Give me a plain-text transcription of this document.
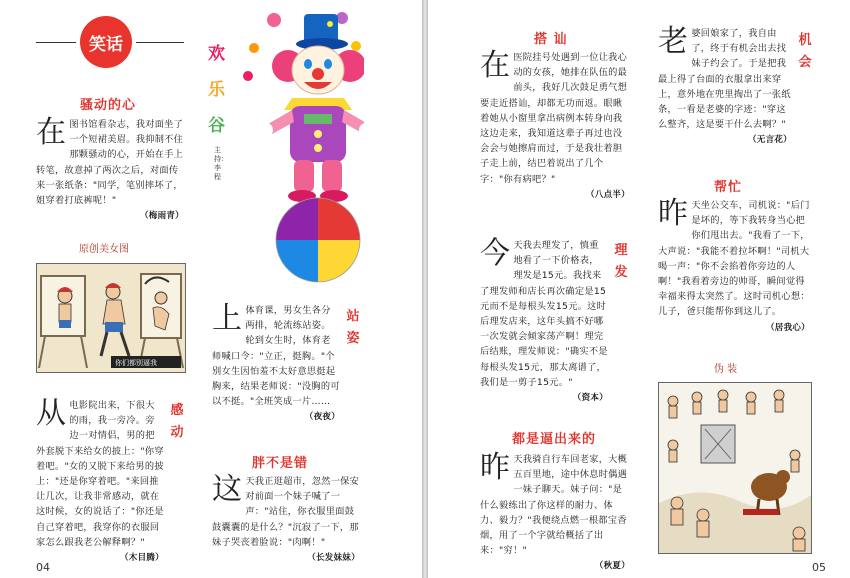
笑话
骚动的心
在 图书馆看杂志，我对面坐了一个短裙美眉。我抑制不住那颗骚动的心，开始在手上转笔，故意掉了两次之后，对面传来一张纸条："同学，笔别摔坏了，姐穿着打底裤呢！"
（梅雨青）
原创美女图
你们都别逼我
感动
从 电影院出来，下很大的雨，我一旁冷。旁边一对情侣，男的把外套脱下来给女的披上："你穿着吧。"女的又脱下来给男的披上："还是你穿着吧。"来回推让几次，让我非常感动，就在这时候，女的说话了："你还是自己穿着吧，我穿你的衣服回家怎么跟我老公解释啊？"
（木目腾）
欢
乐
谷
主持：李程
站姿
上 体育课，男女生各分两排，轮流练站姿。轮到女生时，体育老师喊口令："立正，挺胸。"个别女生因怕羞不太好意思挺起胸来，结果老师说："没胸的可以不挺。"全班笑成一片……
（夜夜）
胖不是错
这 天我正逛超市，忽然一保安对前面一个妹子喊了一声："站住，你衣服里面鼓鼓囊囊的是什么？"沉寂了一下，那妹子哭丧着脸说："肉啊！"
（长发妹妹）
04
搭 讪
在 医院挂号处遇到一位让我心动的女孩，她排在队伍的最前头，我好几次鼓足勇气想要走近搭讪，却都无功而返。眼瞅着她从小窗里拿出病例本转身向我这边走来，我知道这辈子再过也没会会与她擦肩而过，于是我壮着胆子走上前，结巴着说出了几个字："你有病吧？"
（八点半）
理发
今 天我去理发了，慎重地看了一下价格表，理发是15元。我找来了理发师和店长再次确定是15元而不是每根头发15元。这时后理发店来，这年头搞不好哪一次发就会倾家荡产啊！理完后结账，理发师说："确实不是每根头发15元，那太离谱了，我们是一剪子15元。"
（资本）
都是逼出来的
昨 天我骑自行车回老家，大概五百里地，途中休息时偶遇一妹子聊天。妹子问："是什么毅练出了你这样的耐力、体力、毅力？"我便绕点燃一根都宝香烟，用了一个字就给概括了出来："穷！"
（秋夏）
机会
老 婆回娘家了，我自由了，终于有机会出去找妹子约会了。于是把我最上得了台面的衣服拿出来穿上，意外地在兜里掏出了一张纸条，一看是老婆的字迹："穿这么整齐，这是要干什么去啊？"
（无言花）
帮忙
昨 天坐公交车，司机说："后门是坏的，等下我转身当心把你们甩出去。"我看了一下，大声说："我能不着拉坏啊！"司机大喝一声："你不会掐着你旁边的人啊！"我看着旁边的帅哥，瞬间觉得幸福来得太突然了。这时司机心想：儿子，爸只能帮你到这儿了。
（居我心）
伪 装
05
